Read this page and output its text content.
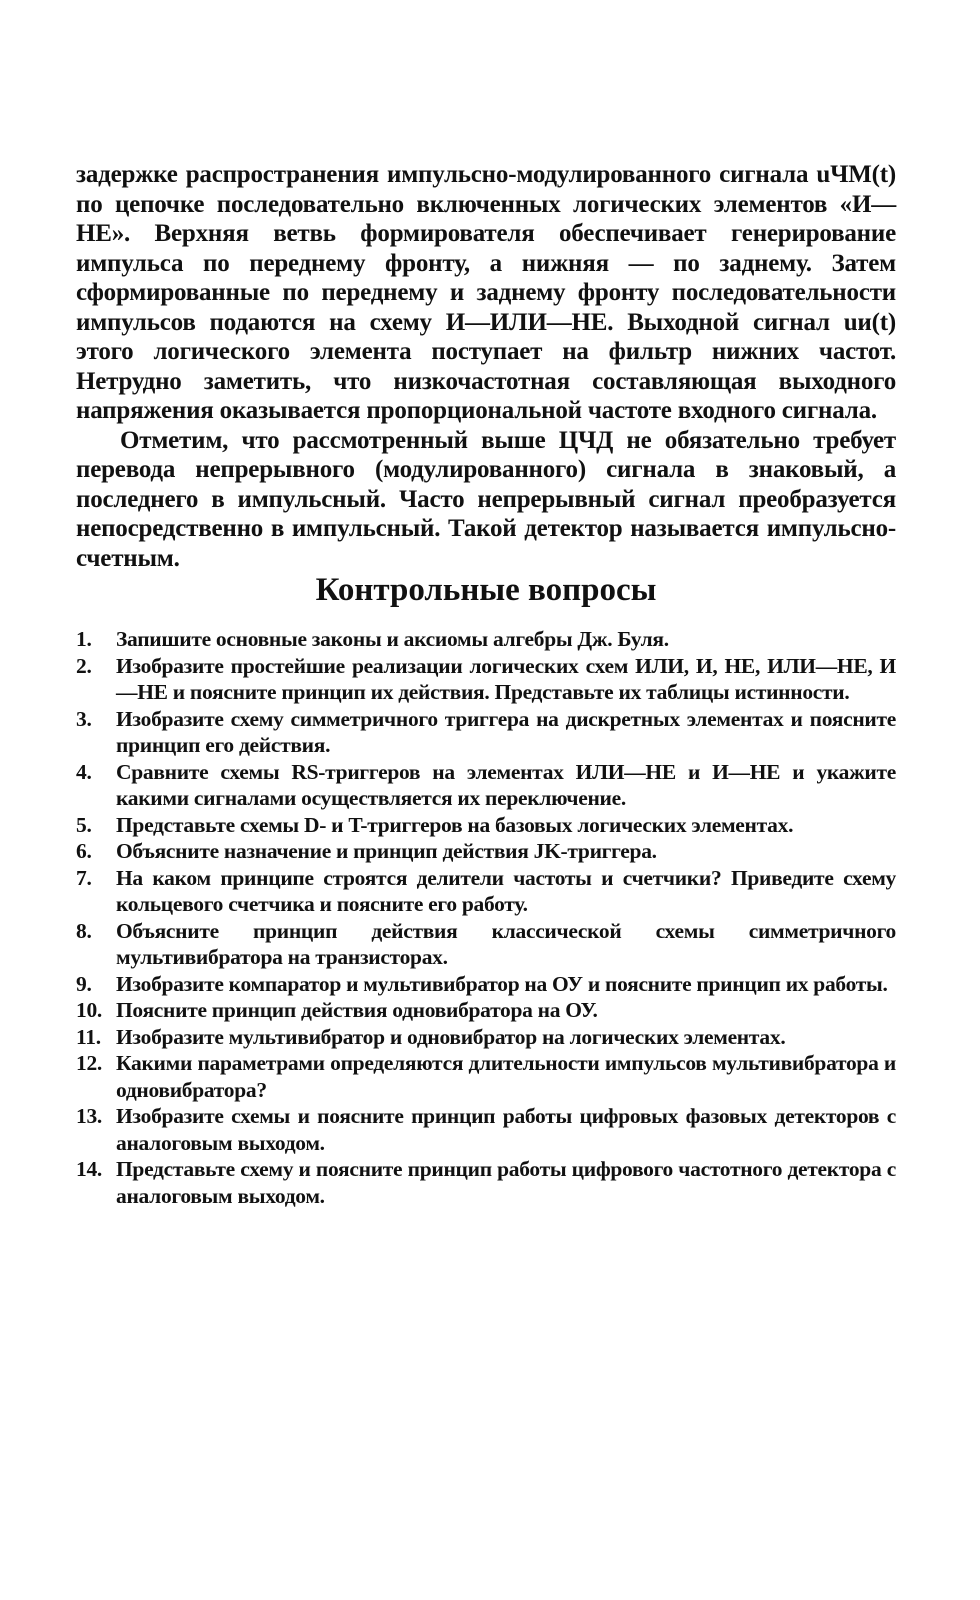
задержке распространения импульсно-модулированного сигнала uЧМ(t) по цепочке последовательно включенных логических элементов «И—НЕ». Верхняя ветвь формирователя обеспечивает генерирование импульса по переднему фронту, а нижняя — по заднему. Затем сформированные по переднему и заднему фронту последовательности импульсов подаются на схему И—ИЛИ—НЕ. Выходной сигнал uи(t) этого логического элемента поступает на фильтр нижних частот. Нетрудно заметить, что низкочастотная составляющая выходного напряжения оказывается пропорциональной частоте входного сигнала.

Отметим, что рассмотренный выше ЦЧД не обязательно требует перевода непрерывного (модулированного) сигнала в знаковый, а последнего в импульсный. Часто непрерывный сигнал преобразуется непосредственно в импульсный. Такой детектор называется импульсно-счетным.

Контрольные вопросы
1.	Запишите основные законы и аксиомы алгебры Дж. Буля.
2.	Изобразите простейшие реализации логических схем ИЛИ, И, НЕ, ИЛИ—НЕ, И—НЕ и поясните принцип их действия. Представьте их таблицы истинности.
3.	Изобразите схему симметричного триггера на дискретных элементах и поясните принцип его действия.
4.	Сравните схемы RS-триггеров на элементах ИЛИ—НЕ и И—НЕ и укажите какими сигналами осуществляется их переключение.
5.	Представьте схемы D- и T-триггеров на базовых логических элементах.
6.	Объясните назначение и принцип действия JK-триггера.
7.	На каком принципе строятся делители частоты и счетчики? Приведите схему кольцевого счетчика и поясните его работу.
8.	Объясните принцип действия классической схемы симметричного мультивибратора на транзисторах.
9.	Изобразите компаратор и мультивибратор на ОУ и поясните принцип их работы.
10. Поясните принцип действия одновибратора на ОУ.
11. Изобразите мультивибратор и одновибратор на логических элементах.
12. Какими параметрами определяются длительности импульсов мультивибратора и одновибратора?
13. Изобразите схемы и поясните принцип работы цифровых фазовых детекторов с аналоговым выходом.
14. Представьте схему и поясните принцип работы цифрового частотного детектора с аналоговым выходом.
